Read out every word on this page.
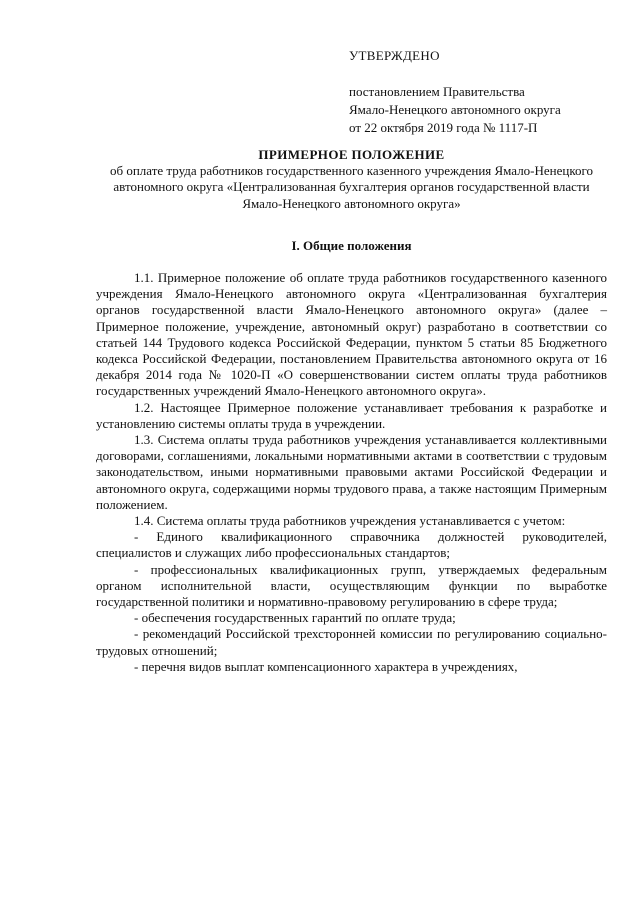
УТВЕРЖДЕНО

постановлением Правительства

Ямало-Ненецкого автономного округа

от 22 октября 2019 года № 1117-П

ПРИМЕРНОЕ ПОЛОЖЕНИЕ

об оплате труда работников государственного казенного учреждения Ямало-Ненецкого автономного округа «Централизованная бухгалтерия органов государственной власти Ямало-Ненецкого автономного округа»

I. Общие положения

1.1. Примерное положение об оплате труда работников государственного казенного учреждения Ямало-Ненецкого автономного округа «Централизованная бухгалтерия органов государственной власти Ямало-Ненецкого автономного округа» (далее – Примерное положение, учреждение, автономный округ) разработано в соответствии со статьей 144 Трудового кодекса Российской Федерации, пунктом 5 статьи 85 Бюджетного кодекса Российской Федерации, постановлением Правительства автономного округа от 16 декабря 2014 года № 1020-П «О совершенствовании систем оплаты труда работников государственных учреждений Ямало-Ненецкого автономного округа».

1.2. Настоящее Примерное положение устанавливает требования к разработке и установлению системы оплаты труда в учреждении.

1.3. Система оплаты труда работников учреждения устанавливается коллективными договорами, соглашениями, локальными нормативными актами в соответствии с трудовым законодательством, иными нормативными правовыми актами Российской Федерации и автономного округа, содержащими нормы трудового права, а также настоящим Примерным положением.

1.4. Система оплаты труда работников учреждения устанавливается с учетом:

- Единого квалификационного справочника должностей руководителей, специалистов и служащих либо профессиональных стандартов;

- профессиональных квалификационных групп, утверждаемых федеральным органом исполнительной власти, осуществляющим функции по выработке государственной политики и нормативно-правовому регулированию в сфере труда;

- обеспечения государственных гарантий по оплате труда;

- рекомендаций Российской трехсторонней комиссии по регулированию социально-трудовых отношений;

- перечня видов выплат компенсационного характера в учреждениях,
